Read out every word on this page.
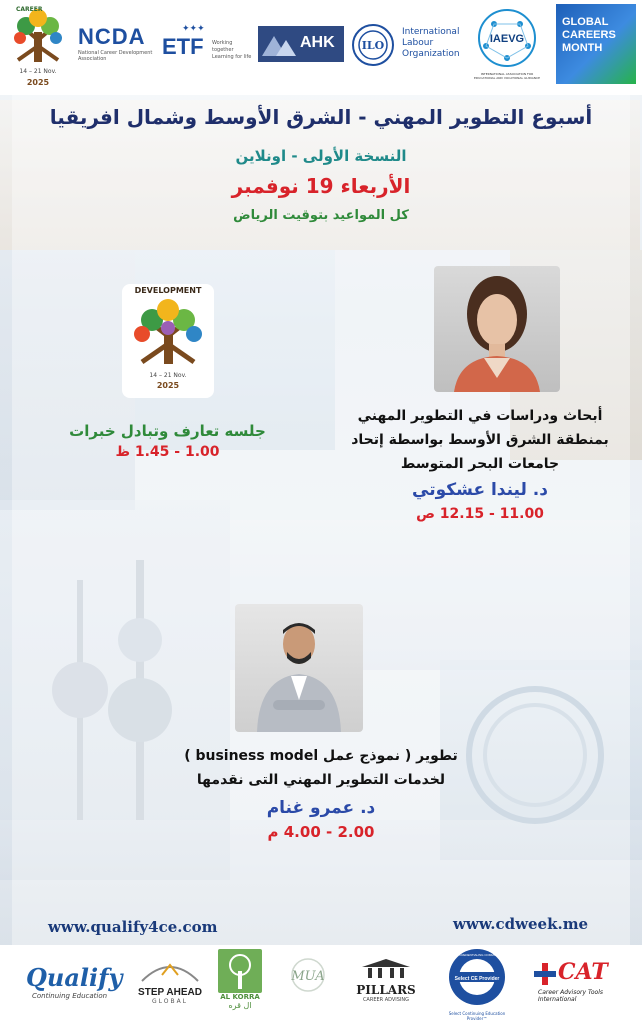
CAREER
14 – 21 Nov.
2025
NCDA
National Career Development Association
✦✦✦
ETF Working together Learning for life
AHK ILO
International Labour Organization
IAEVG
INTERNATIONAL ASSOCIATION FOR EDUCATIONAL AND VOCATIONAL GUIDANCE
GLOBAL
CAREERS
MONTH
أسبوع التطوير المهني - الشرق الأوسط وشمال افريقيا
النسخة الأولى - اونلاين
الأربعاء 19 نوفمبر
كل المواعيد بتوقيت الرياض
DEVELOPMENT
14 – 21 Nov.
2025
جلسه تعارف وتبادل خبرات
1.00 - 1.45 ظ
أبحاث ودراسات في التطوير المهني
بمنطقة الشرق الأوسط بواسطة إتحاد
جامعات البحر المتوسط
د. ليندا عشكوتي
11.00 - 12.15 ص
تطوير ( نموذج عمل business model )
لخدمات التطوير المهني التى نقدمها
د. عمرو غنام
2.00 - 4.00 م
www.qualify4ce.com	www.cdweek.me
Qualify
Continuing Education	STEP AHEAD
GLOBAL
AL KORRA
ال قره
MUA
PILLARS
CAREER ADVISING
Select CE Provider
NCDA CREDENTIALING COMMISSION
Select Continuing Education Provider™
CAT
Career Advisory Tools International
